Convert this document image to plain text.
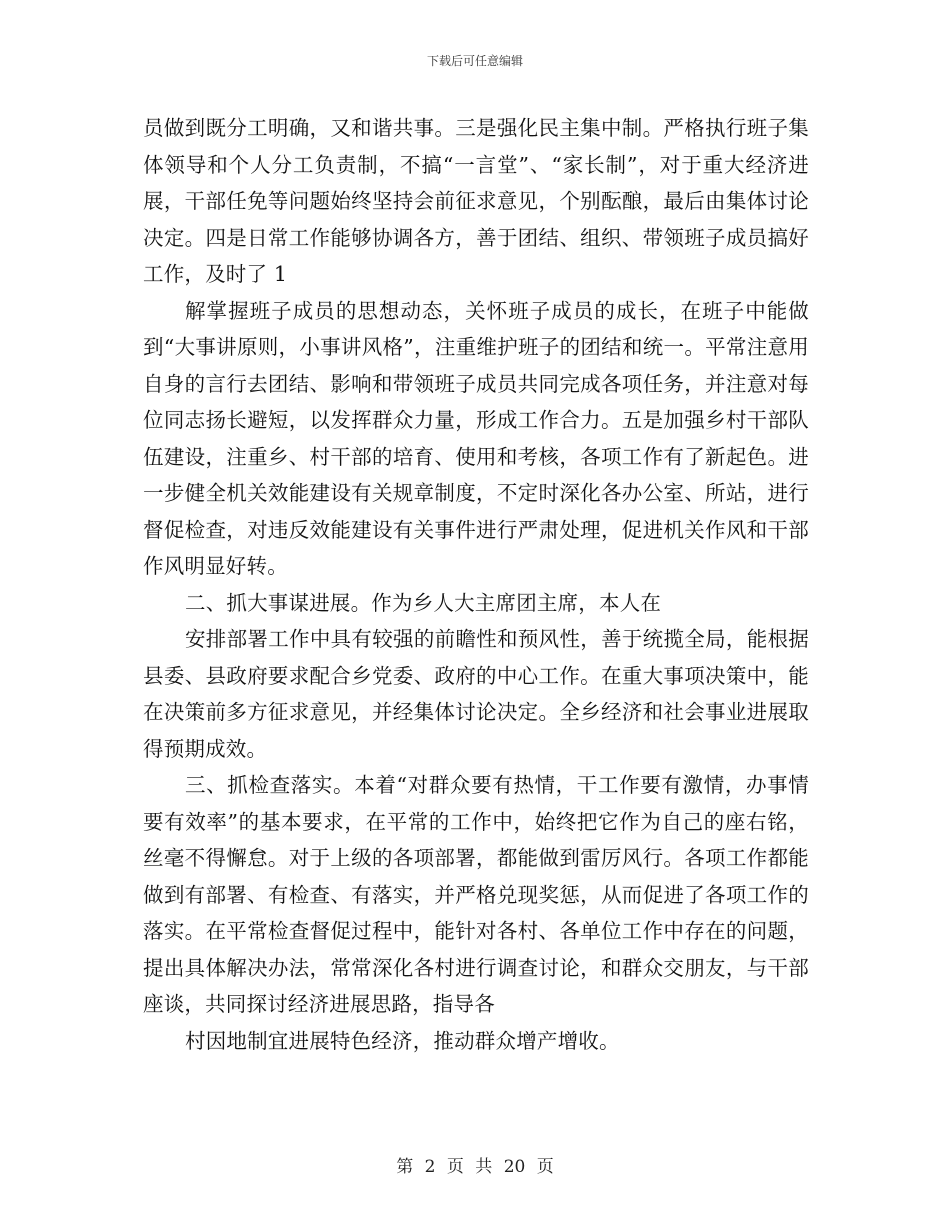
下载后可任意编辑

员做到既分工明确，又和谐共事。三是强化民主集中制。严格执行班子集体领导和个人分工负责制，不搞“一言堂”、“家长制”，对于重大经济进展，干部任免等问题始终坚持会前征求意见，个别酝酿，最后由集体讨论决定。四是日常工作能够协调各方，善于团结、组织、带领班子成员搞好工作，及时了 1

解掌握班子成员的思想动态，关怀班子成员的成长，在班子中能做到“大事讲原则，小事讲风格”，注重维护班子的团结和统一。平常注意用自身的言行去团结、影响和带领班子成员共同完成各项任务，并注意对每位同志扬长避短，以发挥群众力量，形成工作合力。五是加强乡村干部队伍建设，注重乡、村干部的培育、使用和考核，各项工作有了新起色。进一步健全机关效能建设有关规章制度，不定时深化各办公室、所站，进行督促检查，对违反效能建设有关事件进行严肃处理，促进机关作风和干部作风明显好转。

二、抓大事谋进展。作为乡人大主席团主席，本人在

安排部署工作中具有较强的前瞻性和预风性，善于统揽全局，能根据县委、县政府要求配合乡党委、政府的中心工作。在重大事项决策中，能在决策前多方征求意见，并经集体讨论决定。全乡经济和社会事业进展取得预期成效。

三、抓检查落实。本着“对群众要有热情，干工作要有激情，办事情要有效率”的基本要求，在平常的工作中，始终把它作为自己的座右铭，丝毫不得懈怠。对于上级的各项部署，都能做到雷厉风行。各项工作都能做到有部署、有检查、有落实，并严格兑现奖惩，从而促进了各项工作的落实。在平常检查督促过程中，能针对各村、各单位工作中存在的问题，提出具体解决办法，常常深化各村进行调查讨论，和群众交朋友，与干部座谈，共同探讨经济进展思路，指导各

村因地制宜进展特色经济，推动群众增产增收。

第 2 页 共 20 页
